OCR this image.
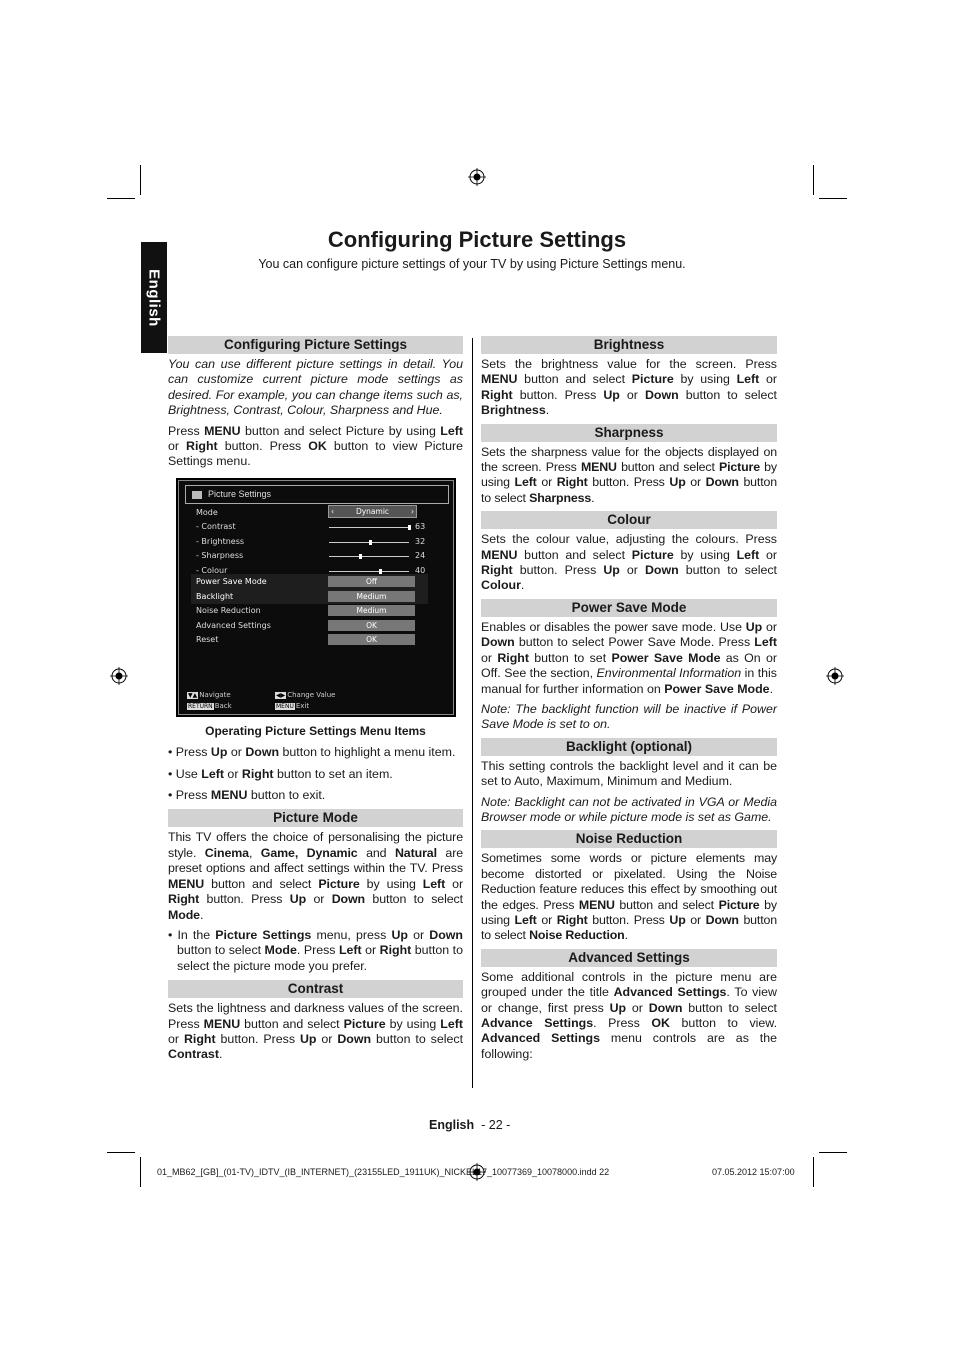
English
Configuring Picture Settings
You can configure picture settings of your TV by using Picture Settings menu.
Configuring Picture Settings

You can use different picture settings in detail. You can customize current picture mode settings as desired. For example, you can change items such as, Brightness, Contrast, Colour, Sharpness and Hue.

Press MENU button and select Picture by using Left or Right button. Press OK button to view Picture Settings menu.

Operating Picture Settings Menu Items
• Press Up or Down button to highlight a menu item.
• Use Left or Right button to set an item.
• Press MENU button to exit.
Picture Mode

This TV offers the choice of personalising the picture style. Cinema, Game, Dynamic and Natural are preset options and affect settings within the TV. Press MENU button and select Picture by using Left or Right button. Press Up or Down button to select Mode.

• In the Picture Settings menu, press Up or Down button to select Mode. Press Left or Right button to select the picture mode you prefer.
Contrast

Sets the lightness and darkness values of the screen. Press MENU button and select Picture by using Left or Right button. Press Up or Down button to select Contrast.

Picture Settings
Mode	‹	Dynamic	›
- Contrast	63
- Brightness	32
- Sharpness	24
- Colour	40
Power Save Mode	Off
Backlight	Medium
Noise Reduction	Medium
Advanced Settings	OK
Reset	OK
▼▲ Navigate
RETURN Back
◀▶ Change Value
MENU Exit
Brightness

Sets the brightness value for the screen. Press MENU button and select Picture by using Left or Right button. Press Up or Down button to select Brightness.

Sharpness

Sets the sharpness value for the objects displayed on the screen. Press MENU button and select Picture by using Left or Right button. Press Up or Down button to select Sharpness.

Colour

Sets the colour value, adjusting the colours. Press MENU button and select Picture by using Left or Right button. Press Up or Down button to select Colour.

Power Save Mode

Enables or disables the power save mode. Use Up or Down button to select Power Save Mode. Press Left or Right button to set Power Save Mode as On or Off. See the section, Environmental Information in this manual for further information on Power Save Mode.

Note: The backlight function will be inactive if Power Save Mode is set to on.

Backlight (optional)

This setting controls the backlight level and it can be set to Auto, Maximum, Minimum and Medium.

Note: Backlight can not be activated in VGA or Media Browser mode or while picture mode is set as Game.

Noise Reduction

Sometimes some words or picture elements may become distorted or pixelated. Using the Noise Reduction feature reduces this effect by smoothing out the edges. Press MENU button and select Picture by using Left or Right button. Press Up or Down button to select Noise Reduction.

Advanced Settings

Some additional controls in the picture menu are grouped under the title Advanced Settings. To view or change, first press Up or Down button to select Advance Settings. Press OK button to view. Advanced Settings menu controls are as the following:

English - 22 -
01_MB62_[GB]_(01-TV)_IDTV_(IB_INTERNET)_(23155LED_1911UK)_NICKEL17_10077369_10078000.indd 22	07.05.2012 15:07:00
